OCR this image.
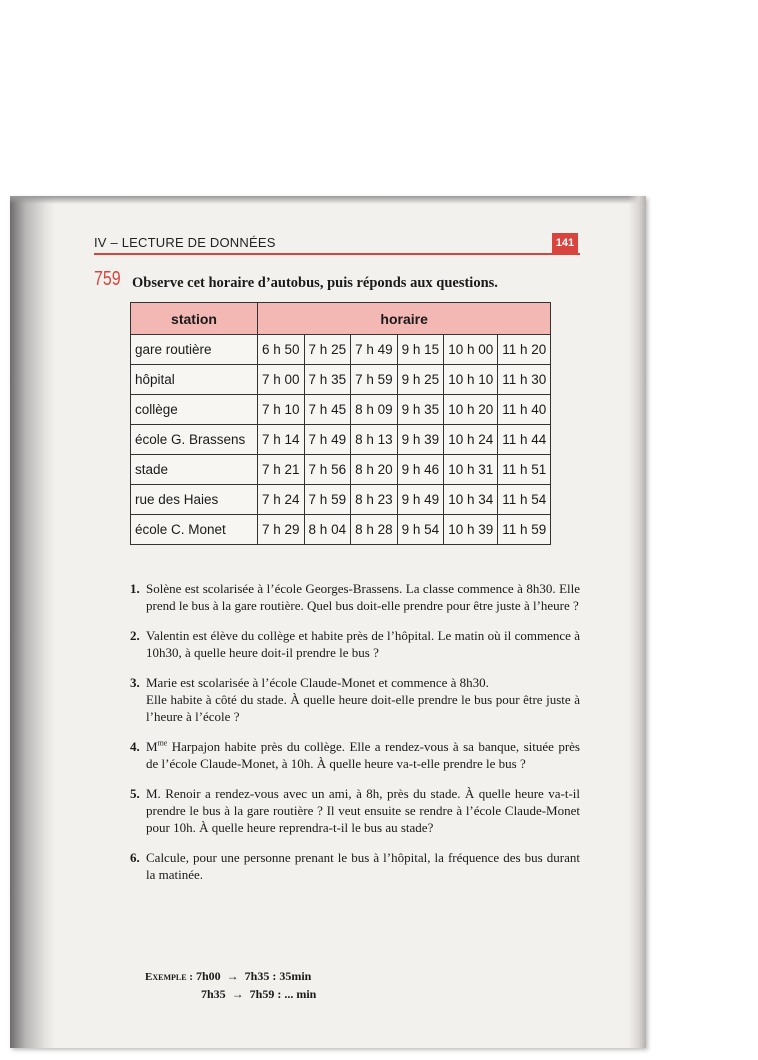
IV – LECTURE DE DONNÉES	141
759 Observe cet horaire d’autobus, puis réponds aux questions.
station	horaire					
gare routière	6 h 50	7 h 25	7 h 49	9 h 15	10 h 00	11 h 20
hôpital	7 h 00	7 h 35	7 h 59	9 h 25	10 h 10	11 h 30
collège	7 h 10	7 h 45	8 h 09	9 h 35	10 h 20	11 h 40
école G. Brassens	7 h 14	7 h 49	8 h 13	9 h 39	10 h 24	11 h 44
stade	7 h 21	7 h 56	8 h 20	9 h 46	10 h 31	11 h 51
rue des Haies	7 h 24	7 h 59	8 h 23	9 h 49	10 h 34	11 h 54
école C. Monet	7 h 29	8 h 04	8 h 28	9 h 54	10 h 39	11 h 59
1. Solène est scolarisée à l’école Georges-Brassens. La classe commence à 8h30. Elle prend le bus à la gare routière. Quel bus doit-elle prendre pour être juste à l’heure ?
2. Valentin est élève du collège et habite près de l’hôpital. Le matin où il commence à 10h30, à quelle heure doit-il prendre le bus ?
3. Marie est scolarisée à l’école Claude-Monet et commence à 8h30.
Elle habite à côté du stade. À quelle heure doit-elle prendre le bus pour être juste à l’heure à l’école ?
4. $M^{me}$ Harpajon habite près du collège. Elle a rendez-vous à sa banque, située près de l’école Claude-Monet, à 10h. À quelle heure va-t-elle prendre le bus ?
5. M. Renoir a rendez-vous avec un ami, à 8h, près du stade. À quelle heure va-t-il prendre le bus à la gare routière ? Il veut ensuite se rendre à l’école Claude-Monet pour 10h. À quelle heure reprendra-t-il le bus au stade?
6. Calcule, pour une personne prenant le bus à l’hôpital, la fréquence des bus durant la matinée.
Exemple : 7h00  →  7h35 : 35min
7h35  →  7h59 : ... min
